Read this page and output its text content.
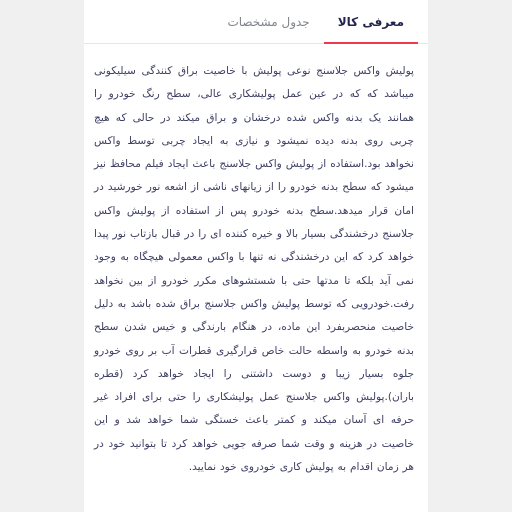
معرفی کالا
جدول مشخصات

پولیش واکس جلاسنج نوعی پولیش با خاصیت براق کنندگی سیلیکونی میباشد که که در عین عمل پولیشکاری عالی، سطح رنگ خودرو را همانند یک بدنه واکس شده درخشان و براق میکند در حالی که هیچ چربی روی بدنه دیده نمیشود و نیازی به ایجاد چربی توسط واکس نخواهد بود.استفاده از پولیش واکس جلاسنج باعث ایجاد فیلم محافظ نیز میشود که سطح بدنه خودرو را از زیانهای ناشی از اشعه نور خورشید در امان قرار میدهد.سطح بدنه خودرو پس از استفاده از پولیش واکس جلاسنج درخشندگی بسیار بالا و خیره کننده ای را در قبال بازتاب نور پیدا خواهد کرد که این درخشندگی نه تنها با واکس معمولی هیچگاه به وجود نمی آید بلکه تا مدتها حتی با شستشوهای مکرر خودرو از بین نخواهد رفت.خودرویی که توسط پولیش واکس جلاسنج براق شده باشد به دلیل خاصیت منحصربفرد این ماده، در هنگام بارندگی و خیس شدن سطح بدنه خودرو به واسطه حالت خاص قرارگیری قطرات آب بر روی خودرو جلوه بسیار زیبا و دوست داشتنی را ایجاد خواهد کرد (قطره باران).پولیش واکس جلاسنج عمل پولیشکاری را حتی برای افراد غیر حرفه ای آسان میکند و کمتر باعث خستگی شما خواهد شد و این خاصیت در هزینه و وقت شما صرفه جویی خواهد کرد تا بتوانید خود در هر زمان اقدام به پولیش کاری خودروی خود نمایید.
